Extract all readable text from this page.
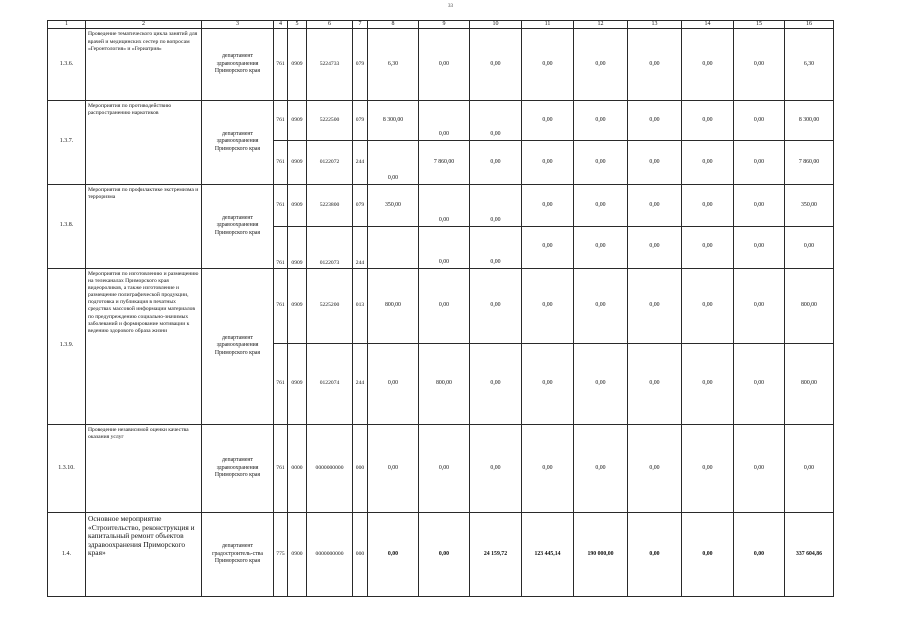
33
1	2	3	4	5	6	7	8	9	10	11	12	13	14	15	16
1.3.6.	Проведение тематического цикла занятий для врачей и медицинских сестер по вопросам «Геронтология» и «Гериатрия»	департамент здравоохранения Приморского края	761	0909	5224733	079	6,30	0,00	0,00	0,00	0,00	0,00	0,00	0,00	6,30
1.3.7.	Мероприятия по противодействию распространению наркотиков	департамент здравоохранения Приморского края	761	0909	5222500	079	8 300,00	0,00	0,00	0,00	0,00	0,00	0,00	0,00	8 300,00
			761	0909	0122072	244	0,00	7 860,00	0,00	0,00	0,00	0,00	0,00	0,00	7 860,00
1.3.8.	Мероприятия по профилактике экстремизма и терроризма	департамент здравоохранения Приморского края	761	0909	5223800	079	350,00	0,00	0,00	0,00	0,00	0,00	0,00	0,00	350,00
			761	0909	0122073	244		0,00	0,00	0,00	0,00	0,00	0,00	0,00	0,00
1.3.9.	Мероприятия по изготовлению и размещению на телеканалах Приморского края видеороликов, а также изготовление и размещение полиграфической продукции, подготовка и публикация в печатных средствах массовой информации материалов по предупреждению социально-значимых заболеваний и формирование мотивации к ведению здорового образа жизни	департамент здравоохранения Приморского края	761	0909	5225200	013	800,00	0,00	0,00	0,00	0,00	0,00	0,00	0,00	800,00
			761	0909	0122074	244	0,00	800,00	0,00	0,00	0,00	0,00	0,00	0,00	800,00
1.3.10.	Проведение независимой оценки качества оказания услуг	департамент здравоохранения Приморского края	761	0000	0000000000	000	0,00	0,00	0,00	0,00	0,00	0,00	0,00	0,00	0,00
1.4.	Основное мероприятие «Строительство, реконструкция и капитальный ремонт объектов здравоохранения Приморского края»	департамент градостроитель-ства Приморского края	775	0900	0000000000	000	0,00	0,00	24 159,72	123 445,14	190 000,00	0,00	0,00	0,00	337 604,86
